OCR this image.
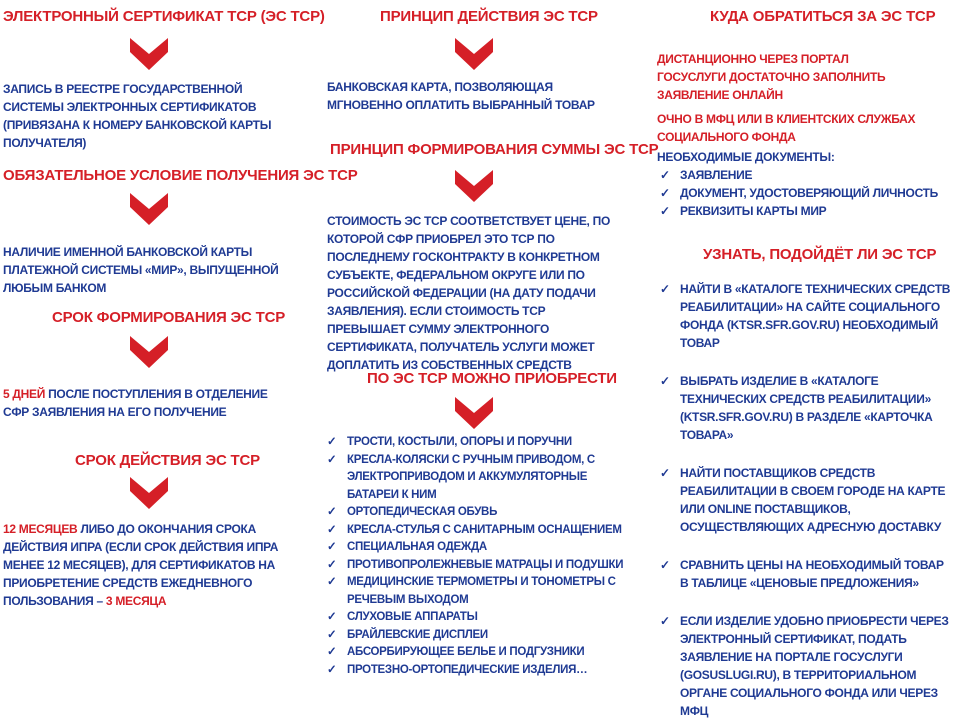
ЭЛЕКТРОННЫЙ СЕРТИФИКАТ ТСР (ЭС ТСР)
ЗАПИСЬ В РЕЕСТРЕ ГОСУДАРСТВЕННОЙ СИСТЕМЫ ЭЛЕКТРОННЫХ СЕРТИФИКАТОВ (ПРИВЯЗАНА К НОМЕРУ БАНКОВСКОЙ КАРТЫ ПОЛУЧАТЕЛЯ)
ОБЯЗАТЕЛЬНОЕ УСЛОВИЕ ПОЛУЧЕНИЯ ЭС ТСР
НАЛИЧИЕ ИМЕННОЙ БАНКОВСКОЙ КАРТЫ ПЛАТЕЖНОЙ СИСТЕМЫ «МИР», ВЫПУЩЕННОЙ ЛЮБЫМ БАНКОМ
СРОК ФОРМИРОВАНИЯ ЭС ТСР
5 ДНЕЙ ПОСЛЕ ПОСТУПЛЕНИЯ В ОТДЕЛЕНИЕ СФР ЗАЯВЛЕНИЯ НА ЕГО ПОЛУЧЕНИЕ
СРОК ДЕЙСТВИЯ ЭС ТСР
12 МЕСЯЦЕВ ЛИБО ДО ОКОНЧАНИЯ СРОКА ДЕЙСТВИЯ ИПРА (ЕСЛИ СРОК ДЕЙСТВИЯ ИПРА МЕНЕЕ 12 МЕСЯЦЕВ), ДЛЯ СЕРТИФИКАТОВ НА ПРИОБРЕТЕНИЕ СРЕДСТВ ЕЖЕДНЕВНОГО ПОЛЬЗОВАНИЯ – 3 МЕСЯЦА
ПРИНЦИП ДЕЙСТВИЯ ЭС ТСР
БАНКОВСКАЯ КАРТА, ПОЗВОЛЯЮЩАЯ МГНОВЕННО ОПЛАТИТЬ ВЫБРАННЫЙ ТОВАР
ПРИНЦИП ФОРМИРОВАНИЯ СУММЫ ЭС ТСР
СТОИМОСТЬ ЭС ТСР СООТВЕТСТВУЕТ ЦЕНЕ, ПО КОТОРОЙ СФР ПРИОБРЕЛ ЭТО ТСР ПО ПОСЛЕДНЕМУ ГОСКОНТРАКТУ В КОНКРЕТНОМ СУБЪЕКТЕ, ФЕДЕРАЛЬНОМ ОКРУГЕ ИЛИ ПО РОССИЙСКОЙ ФЕДЕРАЦИИ (НА ДАТУ ПОДАЧИ ЗАЯВЛЕНИЯ). ЕСЛИ СТОИМОСТЬ ТСР ПРЕВЫШАЕТ СУММУ ЭЛЕКТРОННОГО СЕРТИФИКАТА, ПОЛУЧАТЕЛЬ УСЛУГИ МОЖЕТ ДОПЛАТИТЬ ИЗ СОБСТВЕННЫХ СРЕДСТВ
ПО ЭС ТСР МОЖНО ПРИОБРЕСТИ
✓ ТРОСТИ, КОСТЫЛИ, ОПОРЫ И ПОРУЧНИ
✓ КРЕСЛА-КОЛЯСКИ С РУЧНЫМ ПРИВОДОМ, С ЭЛЕКТРОПРИВОДОМ И АККУМУЛЯТОРНЫЕ БАТАРЕИ К НИМ
✓ ОРТОПЕДИЧЕСКАЯ ОБУВЬ
✓ КРЕСЛА-СТУЛЬЯ С САНИТАРНЫМ ОСНАЩЕНИЕМ
✓ СПЕЦИАЛЬНАЯ ОДЕЖДА
✓ ПРОТИВОПРОЛЕЖНЕВЫЕ МАТРАЦЫ И ПОДУШКИ
✓ МЕДИЦИНСКИЕ ТЕРМОМЕТРЫ И ТОНОМЕТРЫ С РЕЧЕВЫМ ВЫХОДОМ
✓ СЛУХОВЫЕ АППАРАТЫ
✓ БРАЙЛЕВСКИЕ ДИСПЛЕИ
✓ АБСОРБИРУЮЩЕЕ БЕЛЬЕ И ПОДГУЗНИКИ
✓ ПРОТЕЗНО-ОРТОПЕДИЧЕСКИЕ ИЗДЕЛИЯ…
КУДА ОБРАТИТЬСЯ ЗА ЭС ТСР
ДИСТАНЦИОННО ЧЕРЕЗ ПОРТАЛ ГОСУСЛУГИ ДОСТАТОЧНО ЗАПОЛНИТЬ ЗАЯВЛЕНИЕ ОНЛАЙН
ОЧНО В МФЦ ИЛИ В КЛИЕНТСКИХ СЛУЖБАХ СОЦИАЛЬНОГО ФОНДА
НЕОБХОДИМЫЕ ДОКУМЕНТЫ:
✓ ЗАЯВЛЕНИЕ
✓ ДОКУМЕНТ, УДОСТОВЕРЯЮЩИЙ ЛИЧНОСТЬ
✓ РЕКВИЗИТЫ КАРТЫ МИР
УЗНАТЬ, ПОДОЙДЁТ ЛИ ЭС ТСР
✓ НАЙТИ В «КАТАЛОГЕ ТЕХНИЧЕСКИХ СРЕДСТВ РЕАБИЛИТАЦИИ» НА САЙТЕ СОЦИАЛЬНОГО ФОНДА (KTSR.SFR.GOV.RU) НЕОБХОДИМЫЙ ТОВАР
✓ ВЫБРАТЬ ИЗДЕЛИЕ В «КАТАЛОГЕ ТЕХНИЧЕСКИХ СРЕДСТВ РЕАБИЛИТАЦИИ» (KTSR.SFR.GOV.RU) В РАЗДЕЛЕ «КАРТОЧКА ТОВАРА»
✓ НАЙТИ ПОСТАВЩИКОВ СРЕДСТВ РЕАБИЛИТАЦИИ В СВОЕМ ГОРОДЕ НА КАРТЕ ИЛИ ONLINE ПОСТАВЩИКОВ, ОСУЩЕСТВЛЯЮЩИХ АДРЕСНУЮ ДОСТАВКУ
✓ СРАВНИТЬ ЦЕНЫ НА НЕОБХОДИМЫЙ ТОВАР В ТАБЛИЦЕ «ЦЕНОВЫЕ ПРЕДЛОЖЕНИЯ»
✓ ЕСЛИ ИЗДЕЛИЕ УДОБНО ПРИОБРЕСТИ ЧЕРЕЗ ЭЛЕКТРОННЫЙ СЕРТИФИКАТ, ПОДАТЬ ЗАЯВЛЕНИЕ НА ПОРТАЛЕ ГОСУСЛУГИ (GOSUSLUGI.RU), В ТЕРРИТОРИАЛЬНОМ ОРГАНЕ СОЦИАЛЬНОГО ФОНДА ИЛИ ЧЕРЕЗ МФЦ
